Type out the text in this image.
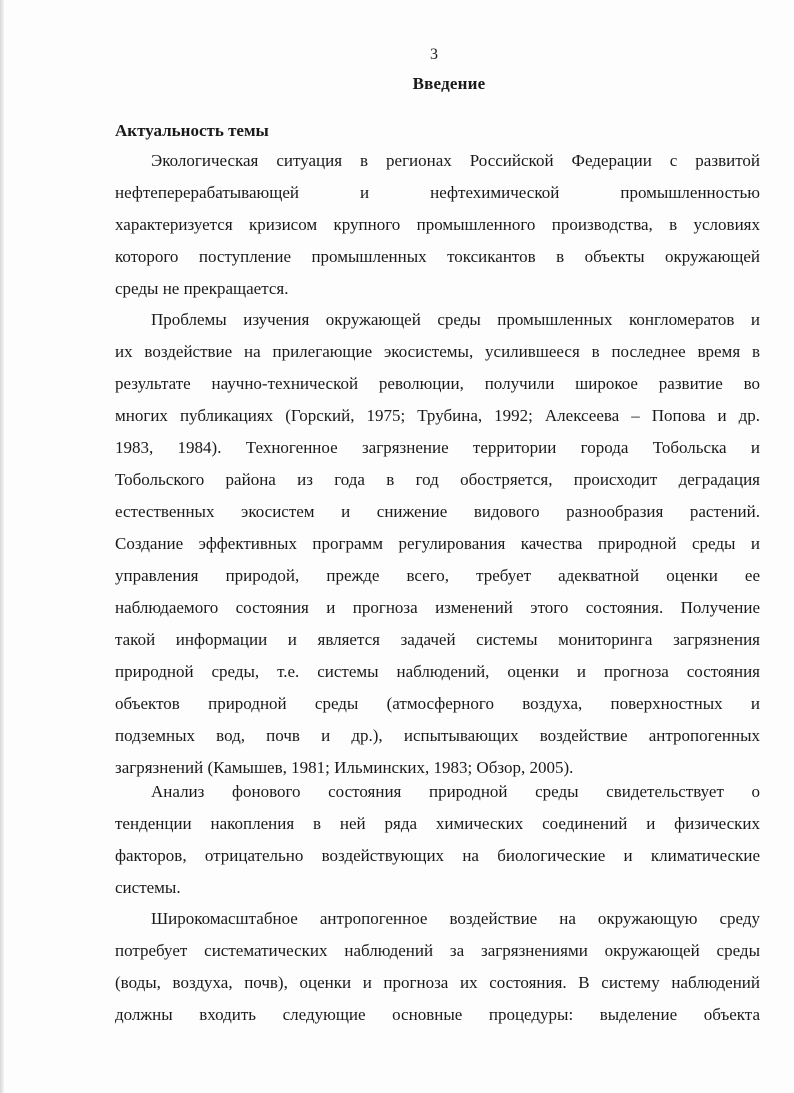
3
Введение
Актуальность темы
Экологическая ситуация в регионах Российской Федерации с развитой
нефтеперерабатывающей и нефтехимической промышленностью
характеризуется кризисом крупного промышленного производства, в условиях
которого поступление промышленных токсикантов в объекты окружающей
среды не прекращается.
Проблемы изучения окружающей среды промышленных конгломератов и
их воздействие на прилегающие экосистемы, усилившееся в последнее время в
результате научно-технической революции, получили широкое развитие во
многих публикациях (Горский, 1975; Трубина, 1992; Алексеева – Попова и др.
1983, 1984). Техногенное загрязнение территории города Тобольска и
Тобольского района из года в год обостряется, происходит деградация
естественных экосистем и снижение видового разнообразия растений.
Создание эффективных программ регулирования качества природной среды и
управления природой, прежде всего, требует адекватной оценки ее
наблюдаемого состояния и прогноза изменений этого состояния. Получение
такой информации и является задачей системы мониторинга загрязнения
природной среды, т.е. системы наблюдений, оценки и прогноза состояния
объектов природной среды (атмосферного воздуха, поверхностных и
подземных вод, почв и др.), испытывающих воздействие антропогенных
загрязнений (Камышев, 1981; Ильминских, 1983; Обзор, 2005).
Анализ фонового состояния природной среды свидетельствует о
тенденции накопления в ней ряда химических соединений и физических
факторов, отрицательно воздействующих на биологические и климатические
системы.
Широкомасштабное антропогенное воздействие на окружающую среду
потребует систематических наблюдений за загрязнениями окружающей среды
(воды, воздуха, почв), оценки и прогноза их состояния. В систему наблюдений
должны входить следующие основные процедуры: выделение объекта
